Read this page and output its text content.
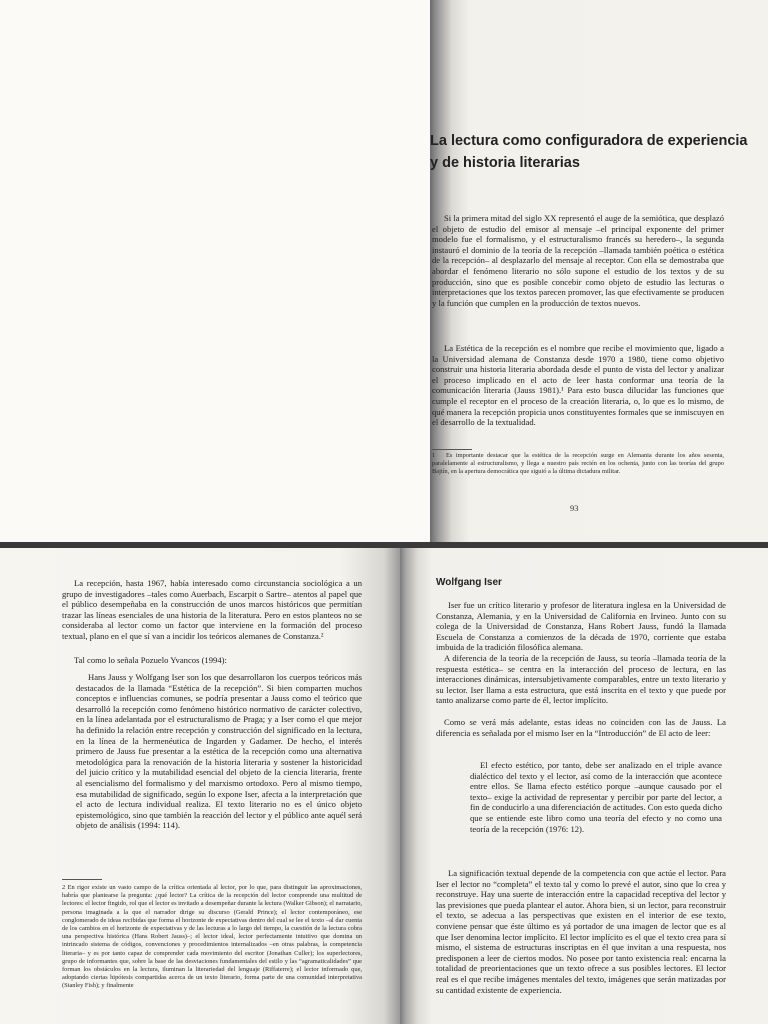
La lectura como configuradora de experiencia y de historia literarias

Si la primera mitad del siglo XX representó el auge de la semiótica, que desplazó el objeto de estudio del emisor al mensaje –el principal exponente del primer modelo fue el formalismo, y el estructuralismo francés su heredero–, la segunda instauró el dominio de la teoría de la recepción –llamada también poética o estética de la recepción– al desplazarlo del mensaje al receptor. Con ella se demostraba que abordar el fenómeno literario no sólo supone el estudio de los textos y de su producción, sino que es posible concebir como objeto de estudio las lecturas o interpretaciones que los textos parecen promover, las que efectivamente se producen y la función que cumplen en la producción de textos nuevos.

La Estética de la recepción es el nombre que recibe el movimiento que, ligado a la Universidad alemana de Constanza desde 1970 a 1980, tiene como objetivo construir una historia literaria abordada desde el punto de vista del lector y analizar el proceso implicado en el acto de leer hasta conformar una teoría de la comunicación literaria (Jauss 1981).¹ Para esto busca dilucidar las funciones que cumple el receptor en el proceso de la creación literaria, o, lo que es lo mismo, de qué manera la recepción propicia unos constituyentes formales que se inmiscuyen en el desarrollo de la textualidad.

1 Es importante destacar que la estética de la recepción surge en Alemania durante los años sesenta, paralelamente al estructuralismo, y llega a nuestro país recién en los ochenta, junto con las teorías del grupo Bajtín, en la apertura democrática que siguió a la última dictadura militar.

93

La recepción, hasta 1967, había interesado como circunstancia sociológica a un grupo de investigadores –tales como Auerbach, Escarpit o Sartre– atentos al papel que el público desempeñaba en la construcción de unos marcos históricos que permitían trazar las líneas esenciales de una historia de la literatura. Pero en estos planteos no se consideraba al lector como un factor que interviene en la formación del proceso textual, plano en el que sí van a incidir los teóricos alemanes de Constanza.²

Tal como lo señala Pozuelo Yvancos (1994):

Hans Jauss y Wolfgang Iser son los que desarrollaron los cuerpos teóricos más destacados de la llamada “Estética de la recepción”. Si bien comparten muchos conceptos e influencias comunes, se podría presentar a Jauss como el teórico que desarrolló la recepción como fenómeno histórico normativo de carácter colectivo, en la línea adelantada por el estructuralismo de Praga; y a Iser como el que mejor ha definido la relación entre recepción y construcción del significado en la lectura, en la línea de la hermenéutica de Ingarden y Gadamer. De hecho, el interés primero de Jauss fue presentar a la estética de la recepción como una alternativa metodológica para la renovación de la historia literaria y sostener la historicidad del juicio crítico y la mutabilidad esencial del objeto de la ciencia literaria, frente al esencialismo del formalismo y del marxismo ortodoxo. Pero al mismo tiempo, esa mutabilidad de significado, según lo expone Iser, afecta a la interpretación que el acto de lectura individual realiza. El texto literario no es el único objeto epistemológico, sino que también la reacción del lector y el público ante aquél será objeto de análisis (1994: 114).

2 En rigor existe un vasto campo de la crítica orientada al lector, por lo que, para distinguir las aproximaciones, habría que plantearse la pregunta: ¿qué lector? La crítica de la recepción del lector comprende una multitud de lectores: el lector fingido, rol que el lector es invitado a desempeñar durante la lectura (Walker Gibson); el narratario, persona imaginada a la que el narrador dirige su discurso (Gerald Prince); el lector contemporáneo, ese conglomerado de ideas recibidas que forma el horizonte de expectativas dentro del cual se lee el texto –al dar cuenta de los cambios en el horizonte de expectativas y de las lecturas a lo largo del tiempo, la cuestión de la lectura cobra una perspectiva histórica (Hans Robert Jauss)–; el lector ideal, lector perfectamente intuitivo que domina un intrincado sistema de códigos, convenciones y procedimientos internalizados –en otras palabras, la competencia literaria– y es por tanto capaz de comprender cada movimiento del escritor (Jonathan Culler); los superlectores, grupo de informantes que, sobre la base de las desviaciones fundamentales del estilo y las “agramaticalidades” que forman los obstáculos en la lectura, iluminan la literariedad del lenguaje (Riffaterre); el lector informado que, adoptando ciertas hipótesis compartidas acerca de un texto literario, forma parte de una comunidad interpretativa (Stanley Fish); y finalmente

Wolfgang Iser

Iser fue un crítico literario y profesor de literatura inglesa en la Universidad de Constanza, Alemania, y en la Universidad de California en Irvineo. Junto con su colega de la Universidad de Constanza, Hans Robert Jauss, fundó la llamada Escuela de Constanza a comienzos de la década de 1970, corriente que estaba imbuida de la tradición filosófica alemana.

A diferencia de la teoría de la recepción de Jauss, su teoría –llamada teoría de la respuesta estética– se centra en la interacción del proceso de lectura, en las interacciones dinámicas, intersubjetivamente comparables, entre un texto literario y su lector. Iser llama a esta estructura, que está inscrita en el texto y que puede por tanto analizarse como parte de él, lector implícito.

Como se verá más adelante, estas ideas no coinciden con las de Jauss. La diferencia es señalada por el mismo Iser en la “Introducción” de El acto de leer:

El efecto estético, por tanto, debe ser analizado en el triple avance dialéctico del texto y el lector, así como de la interacción que acontece entre ellos. Se llama efecto estético porque –aunque causado por el texto– exige la actividad de representar y percibir por parte del lector, a fin de conducirlo a una diferenciación de actitudes. Con esto queda dicho que se entiende este libro como una teoría del efecto y no como una teoría de la recepción (1976: 12).

La significación textual depende de la competencia con que actúe el lector. Para Iser el lector no “completa” el texto tal y como lo prevé el autor, sino que lo crea y reconstruye. Hay una suerte de interacción entre la capacidad receptiva del lector y las previsiones que pueda plantear el autor. Ahora bien, si un lector, para reconstruir el texto, se adecua a las perspectivas que existen en el interior de ese texto, conviene pensar que éste último es yá portador de una imagen de lector que es al que Iser denomina lector implícito. El lector implícito es el que el texto crea para sí mismo, el sistema de estructuras inscriptas en él que invitan a una respuesta, nos predisponen a leer de ciertos modos. No posee por tanto existencia real: encarna la totalidad de preorientaciones que un texto ofrece a sus posibles lectores. El lector real es el que recibe imágenes mentales del texto, imágenes que serán matizadas por su cantidad existente de experiencia.
